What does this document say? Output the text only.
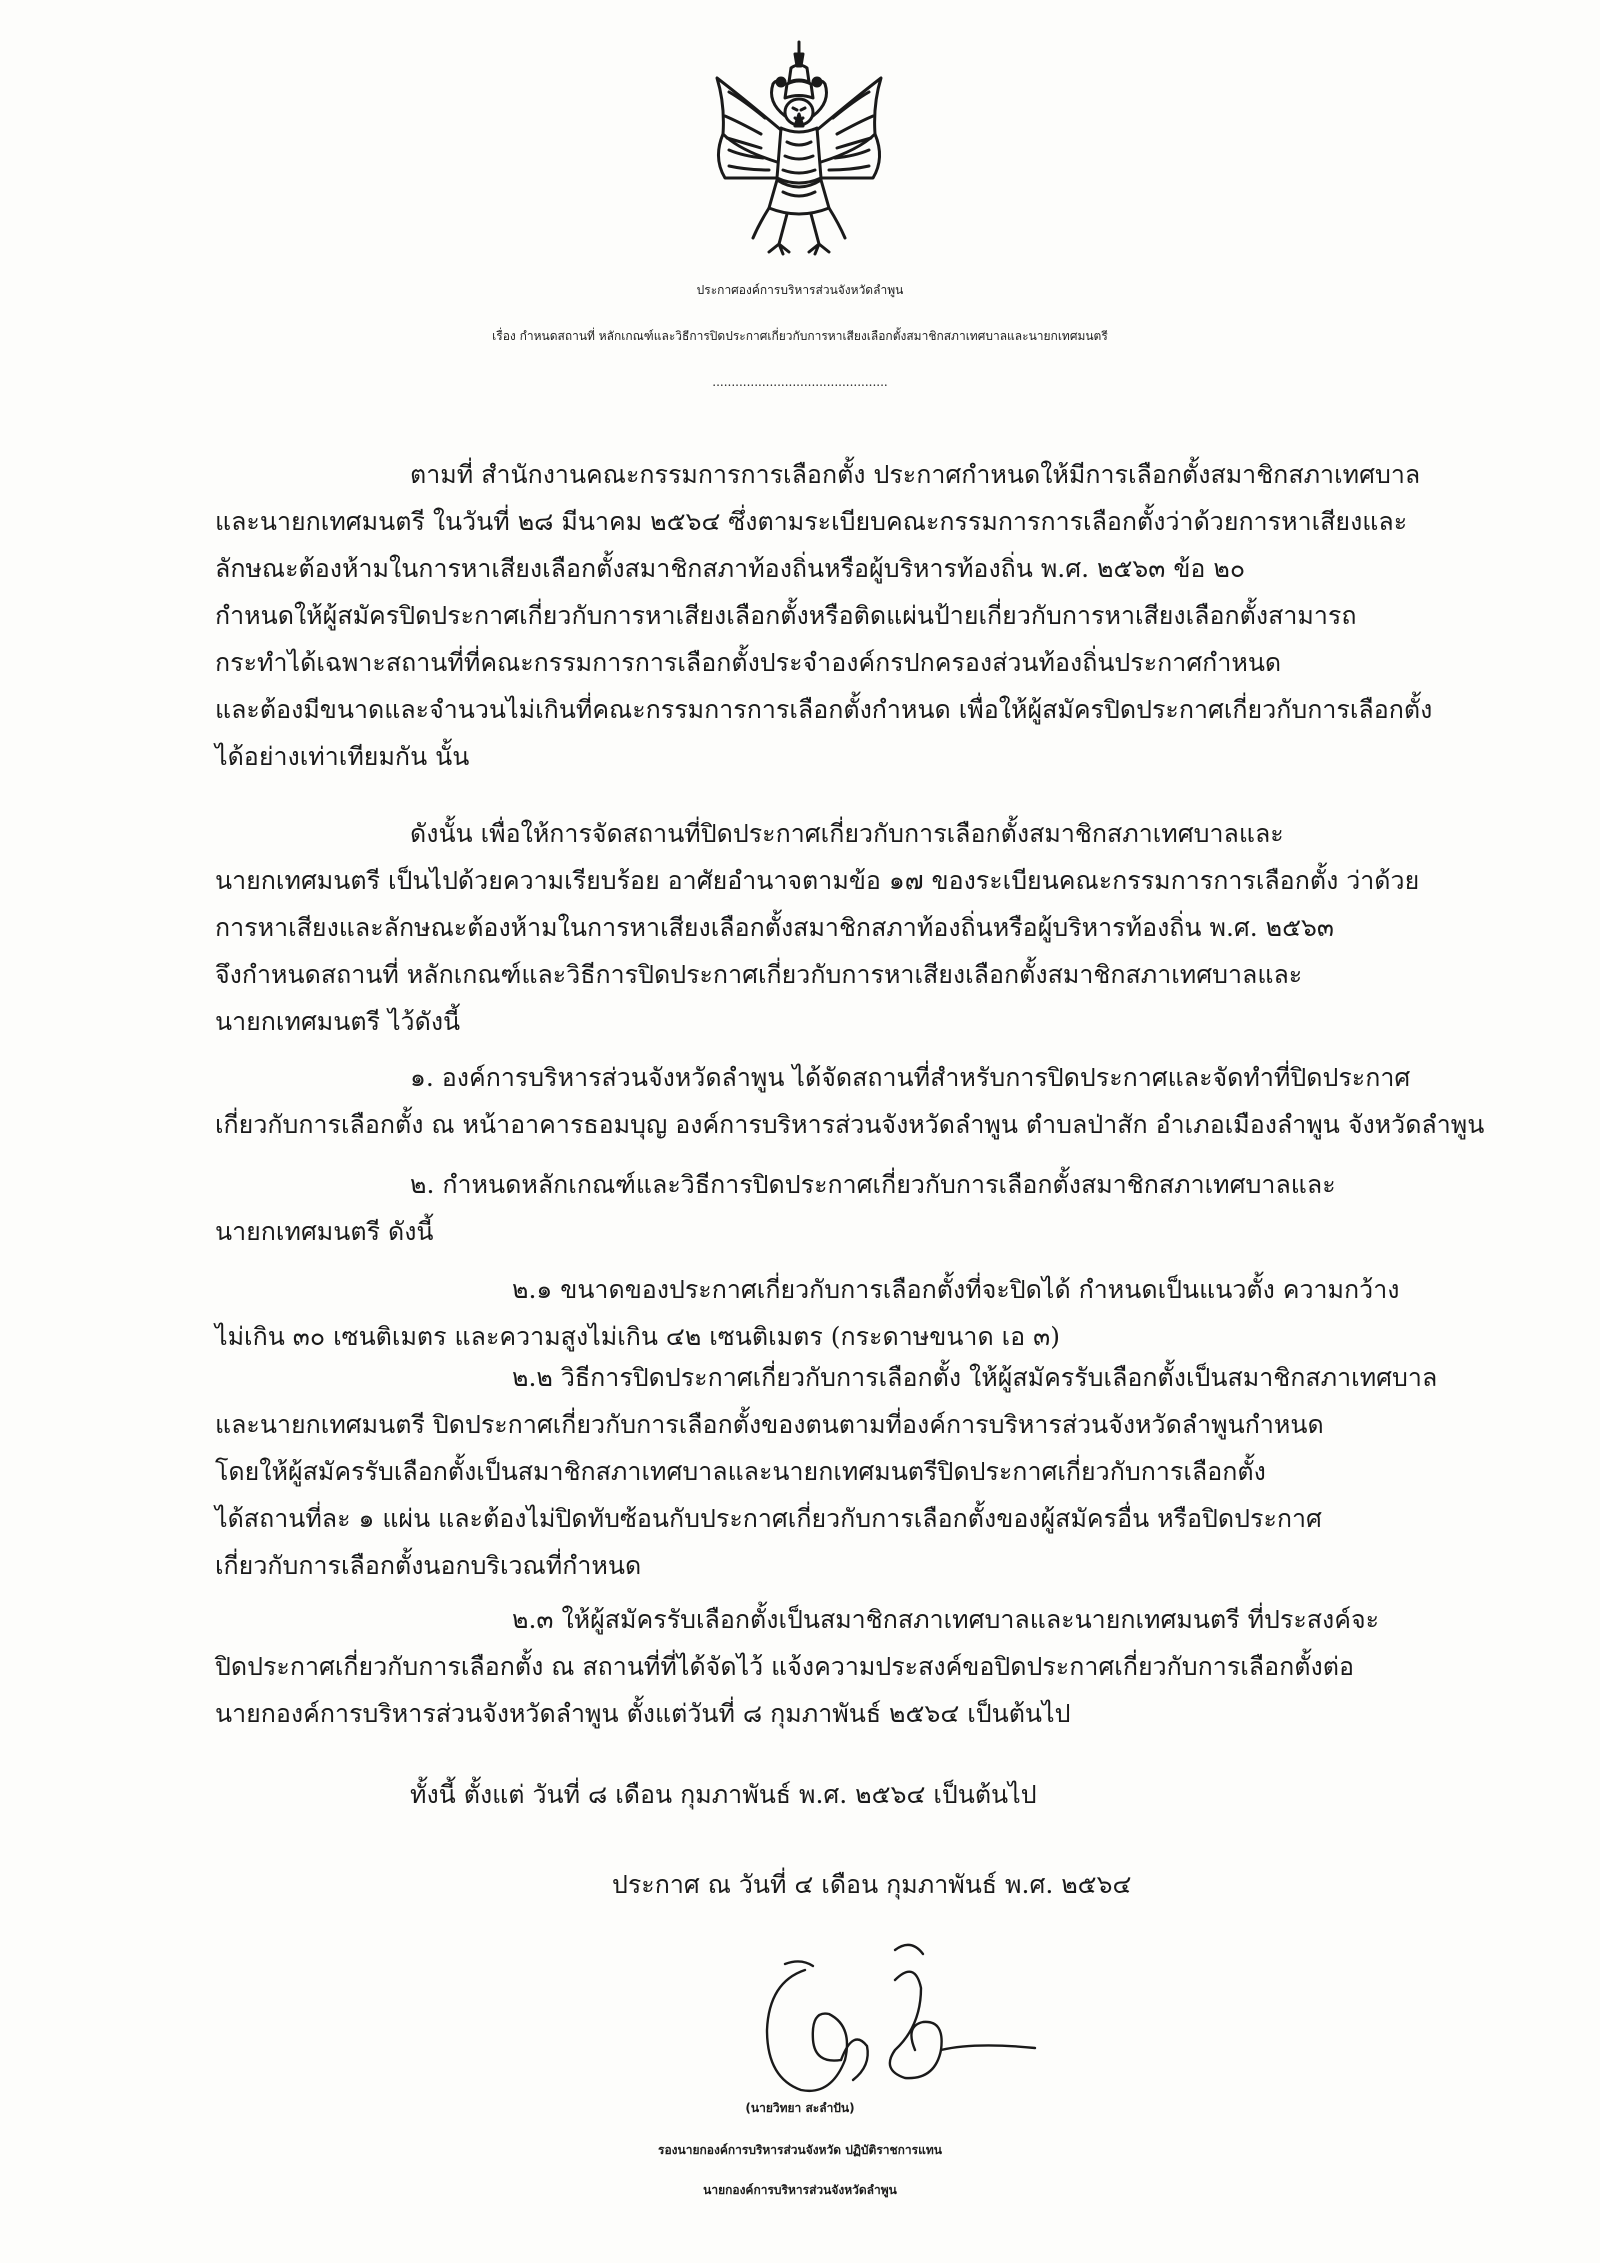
ประกาศองค์การบริหารส่วนจังหวัดลำพูน
เรื่อง กำหนดสถานที่ หลักเกณฑ์และวิธีการปิดประกาศเกี่ยวกับการหาเสียงเลือกตั้งสมาชิกสภาเทศบาลและนายกเทศมนตรี
..............................................
ตามที่ สำนักงานคณะกรรมการการเลือกตั้ง ประกาศกำหนดให้มีการเลือกตั้งสมาชิกสภาเทศบาล
และนายกเทศมนตรี ในวันที่ ๒๘ มีนาคม ๒๕๖๔ ซึ่งตามระเบียบคณะกรรมการการเลือกตั้งว่าด้วยการหาเสียงและ
ลักษณะต้องห้ามในการหาเสียงเลือกตั้งสมาชิกสภาท้องถิ่นหรือผู้บริหารท้องถิ่น พ.ศ. ๒๕๖๓ ข้อ ๒๐
กำหนดให้ผู้สมัครปิดประกาศเกี่ยวกับการหาเสียงเลือกตั้งหรือติดแผ่นป้ายเกี่ยวกับการหาเสียงเลือกตั้งสามารถ
กระทำได้เฉพาะสถานที่ที่คณะกรรมการการเลือกตั้งประจำองค์กรปกครองส่วนท้องถิ่นประกาศกำหนด
และต้องมีขนาดและจำนวนไม่เกินที่คณะกรรมการการเลือกตั้งกำหนด เพื่อให้ผู้สมัครปิดประกาศเกี่ยวกับการเลือกตั้ง
ได้อย่างเท่าเทียมกัน นั้น
ดังนั้น เพื่อให้การจัดสถานที่ปิดประกาศเกี่ยวกับการเลือกตั้งสมาชิกสภาเทศบาลและ
นายกเทศมนตรี เป็นไปด้วยความเรียบร้อย อาศัยอำนาจตามข้อ ๑๗ ของระเบียนคณะกรรมการการเลือกตั้ง ว่าด้วย
การหาเสียงและลักษณะต้องห้ามในการหาเสียงเลือกตั้งสมาชิกสภาท้องถิ่นหรือผู้บริหารท้องถิ่น พ.ศ. ๒๕๖๓
จึงกำหนดสถานที่ หลักเกณฑ์และวิธีการปิดประกาศเกี่ยวกับการหาเสียงเลือกตั้งสมาชิกสภาเทศบาลและ
นายกเทศมนตรี ไว้ดังนี้
๑. องค์การบริหารส่วนจังหวัดลำพูน ได้จัดสถานที่สำหรับการปิดประกาศและจัดทำที่ปิดประกาศ
เกี่ยวกับการเลือกตั้ง ณ หน้าอาคารธอมบุญ องค์การบริหารส่วนจังหวัดลำพูน ตำบลป่าสัก อำเภอเมืองลำพูน จังหวัดลำพูน
๒. กำหนดหลักเกณฑ์และวิธีการปิดประกาศเกี่ยวกับการเลือกตั้งสมาชิกสภาเทศบาลและ
นายกเทศมนตรี ดังนี้
๒.๑ ขนาดของประกาศเกี่ยวกับการเลือกตั้งที่จะปิดได้ กำหนดเป็นแนวตั้ง ความกว้าง
ไม่เกิน ๓๐ เซนติเมตร และความสูงไม่เกิน ๔๒ เซนติเมตร (กระดาษขนาด เอ ๓)
๒.๒ วิธีการปิดประกาศเกี่ยวกับการเลือกตั้ง ให้ผู้สมัครรับเลือกตั้งเป็นสมาชิกสภาเทศบาล
และนายกเทศมนตรี ปิดประกาศเกี่ยวกับการเลือกตั้งของตนตามที่องค์การบริหารส่วนจังหวัดลำพูนกำหนด
โดยให้ผู้สมัครรับเลือกตั้งเป็นสมาชิกสภาเทศบาลและนายกเทศมนตรีปิดประกาศเกี่ยวกับการเลือกตั้ง
ได้สถานที่ละ ๑ แผ่น และต้องไม่ปิดทับซ้อนกับประกาศเกี่ยวกับการเลือกตั้งของผู้สมัครอื่น หรือปิดประกาศ
เกี่ยวกับการเลือกตั้งนอกบริเวณที่กำหนด
๒.๓ ให้ผู้สมัครรับเลือกตั้งเป็นสมาชิกสภาเทศบาลและนายกเทศมนตรี ที่ประสงค์จะ
ปิดประกาศเกี่ยวกับการเลือกตั้ง ณ สถานที่ที่ได้จัดไว้ แจ้งความประสงค์ขอปิดประกาศเกี่ยวกับการเลือกตั้งต่อ
นายกองค์การบริหารส่วนจังหวัดลำพูน ตั้งแต่วันที่ ๘ กุมภาพันธ์ ๒๕๖๔ เป็นต้นไป
ทั้งนี้ ตั้งแต่ วันที่ ๘ เดือน กุมภาพันธ์ พ.ศ. ๒๕๖๔ เป็นต้นไป
ประกาศ ณ วันที่ ๔ เดือน กุมภาพันธ์ พ.ศ. ๒๕๖๔
(นายวิทยา สะลำปัน)
รองนายกองค์การบริหารส่วนจังหวัด ปฏิบัติราชการแทน
นายกองค์การบริหารส่วนจังหวัดลำพูน
